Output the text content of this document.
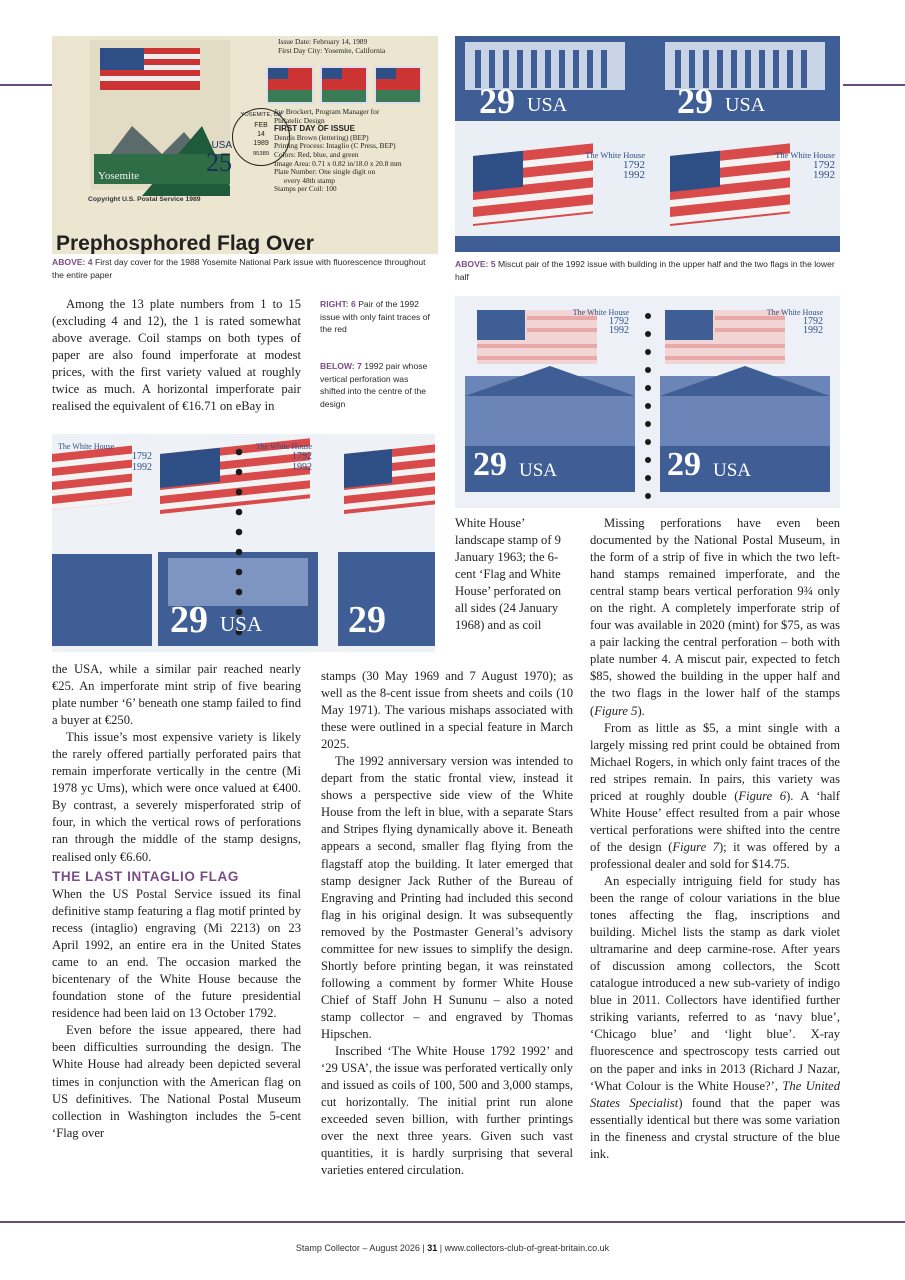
USA
25
Yosemite
Copyright U.S. Postal Service 1989
YOSEMITE, CA
FEB
14
1989
95389
Issue Date: February 14, 1989
First Day City: Yosemite, California
Joe Brockert, Program Manager for
Philatelic Design
FIRST DAY OF ISSUE
Dennis Brown (lettering) (BEP)
Printing Process: Intaglio (C Press, BEP)
Colors: Red, blue, and green
Image Area: 0.71 x 0.82 in/18.0 x 20.8 mm
Plate Number: One single digit on
every 48th stamp
Stamps per Coil: 100
Prephosphored Flag Over
ABOVE: 4 First day cover for the 1988 Yosemite National Park issue with fluorescence throughout the entire paper
29 USA	29 USA
The White House
1792
1992
The White House
1792
1992
ABOVE: 5 Miscut pair of the 1992 issue with building in the upper half and the two flags in the lower half
29 USA	29 USA
The White House
1792
1992
The White House
1792
1992
RIGHT: 6 Pair of the 1992 issue with only faint traces of the red
BELOW: 7 1992 pair whose vertical perforation was shifted into the centre of the design
The White House
1792
1992
The White House
1792
1992
29 USA 29

Among the 13 plate numbers from 1 to 15 (excluding 4 and 12), the 1 is rated somewhat above average. Coil stamps on both types of paper are also found imperforate at modest prices, with the first variety valued at roughly twice as much. A horizontal imperforate pair realised the equivalent of €16.71 on eBay in

the USA, while a similar pair reached nearly €25. An imperforate mint strip of five bearing plate number ‘6’ beneath one stamp failed to find a buyer at €250.

This issue’s most expensive variety is likely the rarely offered partially perforated pairs that remain imperforate vertically in the centre (Mi 1978 yc Ums), which were once valued at €400. By contrast, a severely misperforated strip of four, in which the vertical rows of perforations ran through the middle of the stamp designs, realised only €6.60.

THE LAST INTAGLIO FLAG

When the US Postal Service issued its final definitive stamp featuring a flag motif printed by recess (intaglio) engraving (Mi 2213) on 23 April 1992, an entire era in the United States came to an end. The occasion marked the bicentenary of the White House because the foundation stone of the future presidential residence had been laid on 13 October 1792.

Even before the issue appeared, there had been difficulties surrounding the design. The White House had already been depicted several times in conjunction with the American flag on US definitives. The National Postal Museum collection in Washington includes the 5-cent ‘Flag over

White House’ landscape stamp of 9 January 1963; the 6-cent ‘Flag and White House’ perforated on all sides (24 January 1968) and as coil

stamps (30 May 1969 and 7 August 1970); as well as the 8-cent issue from sheets and coils (10 May 1971). The various mishaps associated with these were outlined in a special feature in March 2025.

The 1992 anniversary version was intended to depart from the static frontal view, instead it shows a perspective side view of the White House from the left in blue, with a separate Stars and Stripes flying dynamically above it. Beneath appears a second, smaller flag flying from the flagstaff atop the building. It later emerged that stamp designer Jack Ruther of the Bureau of Engraving and Printing had included this second flag in his original design. It was subsequently removed by the Postmaster General’s advisory committee for new issues to simplify the design. Shortly before printing began, it was reinstated following a comment by former White House Chief of Staff John H Sununu – also a noted stamp collector – and engraved by Thomas Hipschen.

Inscribed ‘The White House 1792 1992’ and ‘29 USA’, the issue was perforated vertically only and issued as coils of 100, 500 and 3,000 stamps, cut horizontally. The initial print run alone exceeded seven billion, with further printings over the next three years. Given such vast quantities, it is hardly surprising that several varieties entered circulation.

Missing perforations have even been documented by the National Postal Museum, in the form of a strip of five in which the two left-hand stamps remained imperforate, and the central stamp bears vertical perforation 9¾ only on the right. A completely imperforate strip of four was available in 2020 (mint) for $75, as was a pair lacking the central perforation – both with plate number 4. A miscut pair, expected to fetch $85, showed the building in the upper half and the two flags in the lower half of the stamps (Figure 5).

From as little as $5, a mint single with a largely missing red print could be obtained from Michael Rogers, in which only faint traces of the red stripes remain. In pairs, this variety was priced at roughly double (Figure 6). A ‘half White House’ effect resulted from a pair whose vertical perforations were shifted into the centre of the design (Figure 7); it was offered by a professional dealer and sold for $14.75.

An especially intriguing field for study has been the range of colour variations in the blue tones affecting the flag, inscriptions and building. Michel lists the stamp as dark violet ultramarine and deep carmine-rose. After years of discussion among collectors, the Scott catalogue introduced a new sub-variety of indigo blue in 2011. Collectors have identified further striking variants, referred to as ‘navy blue’, ‘Chicago blue’ and ‘light blue’. X-ray fluorescence and spectroscopy tests carried out on the paper and inks in 2013 (Richard J Nazar, ‘What Colour is the White House?’, The United States Specialist) found that the paper was essentially identical but there was some variation in the fineness and crystal structure of the blue ink.

Stamp Collector – August 2026 | 31 | www.collectors-club-of-great-britain.co.uk
